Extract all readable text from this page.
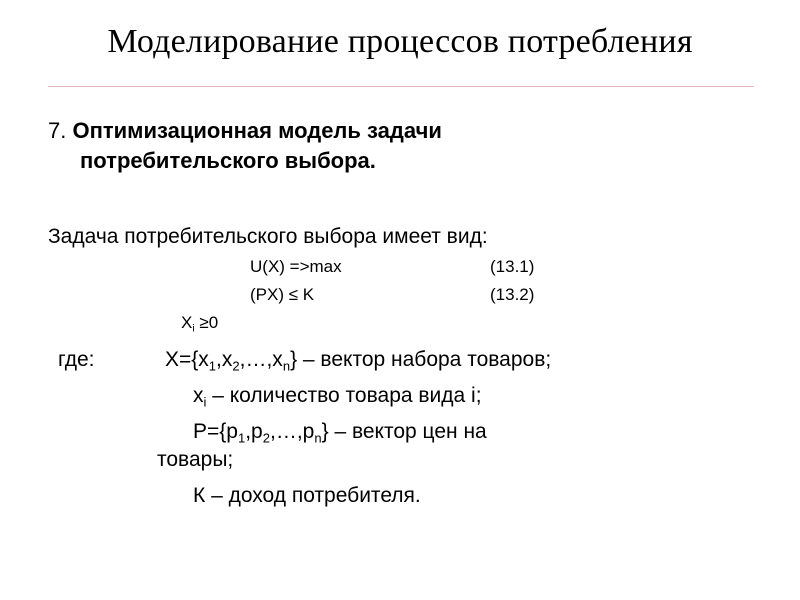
Моделирование процессов потребления
7. Оптимизационная модель задачи
потребительского выбора.
Задача потребительского выбора имеет вид:
U(X) =>max	(13.1)
(PX) ≤ K	(13.2)
$X_i \ge 0$
где:	$X=\{x_1,x_2,\dots,x_n\}$ – вектор набора товаров;
$x_i$ – количество товара вида i;
$P=\{p_1,p_2,\dots,p_n\}$ – вектор цен на
товары;
К – доход потребителя.
